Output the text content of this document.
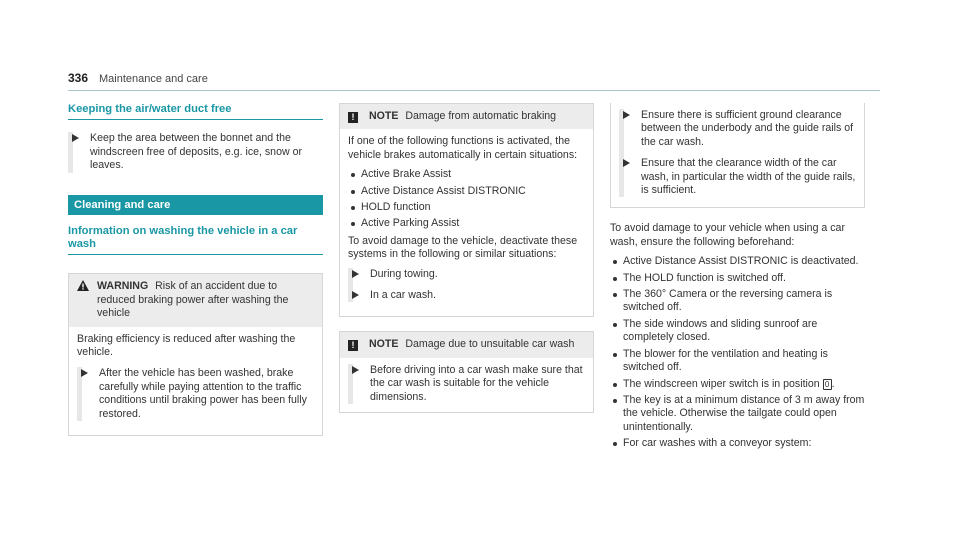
336 Maintenance and care
Keeping the air/water duct free
Keep the area between the bonnet and the windscreen free of deposits, e.g. ice, snow or leaves.
Cleaning and care
Information on washing the vehicle in a car wash
WARNING Risk of an accident due to reduced braking power after washing the vehicle

Braking efficiency is reduced after washing the vehicle.

After the vehicle has been washed, brake carefully while paying attention to the traffic conditions until braking power has been fully restored.
! NOTE Damage from automatic braking

If one of the following functions is activated, the vehicle brakes automatically in certain situations:

Active Brake Assist
Active Distance Assist DISTRONIC
HOLD function
Active Parking Assist

To avoid damage to the vehicle, deactivate these systems in the following or similar situations:

During towing.
In a car wash.
! NOTE Damage due to unsuitable car wash
Before driving into a car wash make sure that the car wash is suitable for the vehicle dimensions.
Ensure there is sufficient ground clearance between the underbody and the guide rails of the car wash.
Ensure that the clearance width of the car wash, in particular the width of the guide rails, is sufficient.

To avoid damage to your vehicle when using a car wash, ensure the following beforehand:

Active Distance Assist DISTRONIC is deactivated.
The HOLD function is switched off.
The 360° Camera or the reversing camera is switched off.
The side windows and sliding sunroof are completely closed.
The blower for the ventilation and heating is switched off.
The windscreen wiper switch is in position 0 .
The key is at a minimum distance of 3 m away from the vehicle. Otherwise the tailgate could open unintentionally.
For car washes with a conveyor system:
